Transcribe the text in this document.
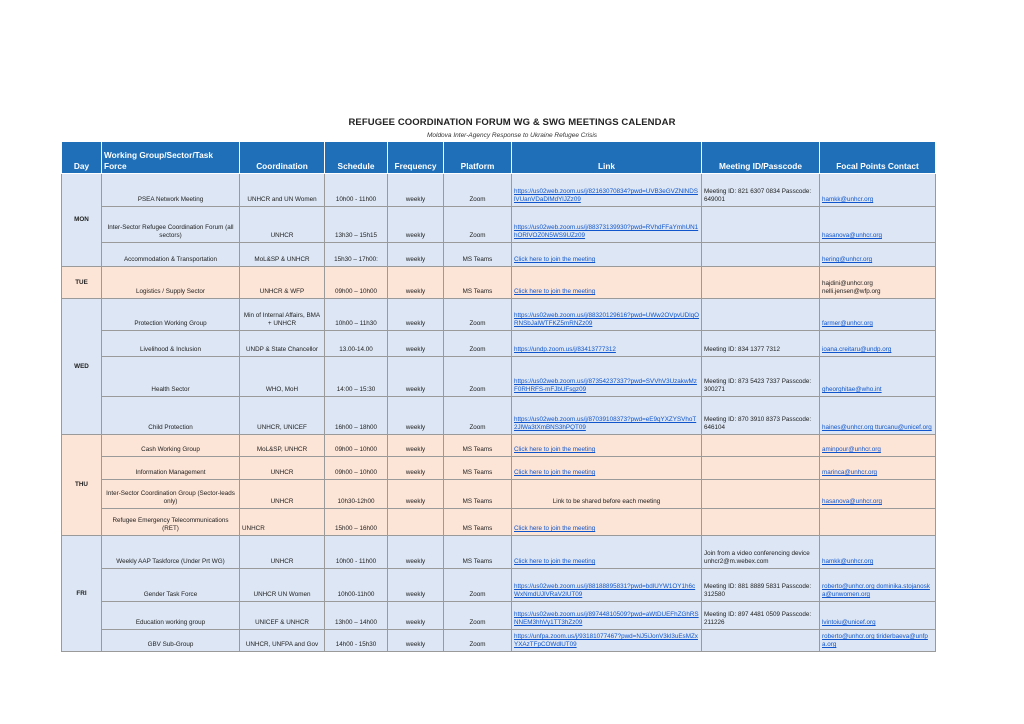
REFUGEE COORDINATION FORUM WG & SWG MEETINGS CALENDAR
Moldova Inter-Agency Response to Ukraine Refugee Crisis
Day	Working Group/Sector/Task Force	Coordination	Schedule	Frequency	Platform	Link	Meeting ID/Passcode	Focal Points Contact
MON	PSEA Network Meeting	UNHCR and UN Women	10h00 - 11h00	weekly	Zoom	https://us02web.zoom.us/j/82163070834?pwd=UVB3eGVZNlNDSlVUanVDaDlMdYlJZz09	Meeting ID: 821 6307 0834 Passcode: 649001	hamkk@unhcr.org
	Inter-Sector Refugee Coordination Forum (all sectors)	UNHCR	13h30 – 15h15	weekly	Zoom	https://us02web.zoom.us/j/88373139930?pwd=RVhdFFaYmhUN1hORlVOZ0N5WS9UZz09		hasanova@unhcr.org
	Accommodation & Transportation	MoL&SP & UNHCR	15h30 – 17h00:	weekly	MS Teams	Click here to join the meeting		hering@unhcr.org
TUE	Logistics / Supply Sector	UNHCR & WFP	09h00 – 10h00	weekly	MS Teams	Click here to join the meeting		hajdini@unhcr.org nelli.jensen@wfp.org
WED	Protection Working Group	Min of Internal Affairs, BMA + UNHCR	10h00 – 11h30	weekly	Zoom	https://us02web.zoom.us/j/88320129616?pwd=UWw2OVpvUDlqORNSbJalWTFKZ5mRNZz09		farmer@unhcr.org
	Livelihood & Inclusion	UNDP & State Chancellor	13.00-14.00	weekly	Zoom	https://undp.zoom.us/j/83413777312	Meeting ID: 834 1377 7312	ioana.creitaru@undp.org
	Health Sector	WHO, MoH	14:00 – 15:30	weekly	Zoom	https://us02web.zoom.us/j/87354237337?pwd=SVVhV3UzakwMzF0RHRFS-mFJbUFsgz09	Meeting ID: 873 5423 7337 Passcode: 300271	gheorghitae@who.int
	Child Protection	UNHCR, UNICEF	16h00 – 18h00	weekly	Zoom	https://us02web.zoom.us/j/87039108373?pwd=eE9qYXZYSVhoT2JlWa3tXmBNS3hPQT09	Meeting ID: 870 3910 8373 Passcode: 646104	haines@unhcr.org tturcanu@unicef.org
THU	Cash Working Group	MoL&SP, UNHCR	09h00 – 10h00	weekly	MS Teams	Click here to join the meeting		aminpour@unhcr.org
	Information Management	UNHCR	09h00 – 10h00	weekly	MS Teams	Click here to join the meeting		marinca@unhcr.org
	Inter-Sector Coordination Group (Sector-leads only)	UNHCR	10h30-12h00	weekly	MS Teams	Link to be shared before each meeting		hasanova@unhcr.org
	Refugee Emergency Telecommunications (RET)	UNHCR	15h00 – 16h00		MS Teams	Click here to join the meeting		
FRI	Weekly AAP Taskforce (Under Prt WG)	UNHCR	10h00 - 11h00	weekly	MS Teams	Click here to join the meeting	Join from a video conferencing device unhcr2@m.webex.com	hamkk@unhcr.org
	Gender Task Force	UNHCR UN Women	10h00-11h00	weekly	Zoom	https://us02web.zoom.us/j/88188895831?pwd=bdlUYW1OY1h6cWxNmdUJlVRaV2lUT09	Meeting ID: 881 8889 5831 Passcode: 312580	roberto@unhcr.org dominika.stojanoska@unwomen.org
	Education working group	UNICEF & UNHCR	13h00 – 14h00	weekly	Zoom	https://us02web.zoom.us/j/89744810509?pwd=aWtDUEFhZGhRSNNEM3hhVy1TT3hZz09	Meeting ID: 897 4481 0509 Passcode: 211226	lvintoiu@unicef.org
	GBV Sub-Group	UNHCR, UNFPA and Gov	14h00 - 15h30	weekly	Zoom	https://unfpa.zoom.us/j/93181077467?pwd=NJ5iJonV3kl3uEsMZxYXAzTFpCOWdlUT09		roberto@unhcr.org tiriderbaeva@unfpa.org
